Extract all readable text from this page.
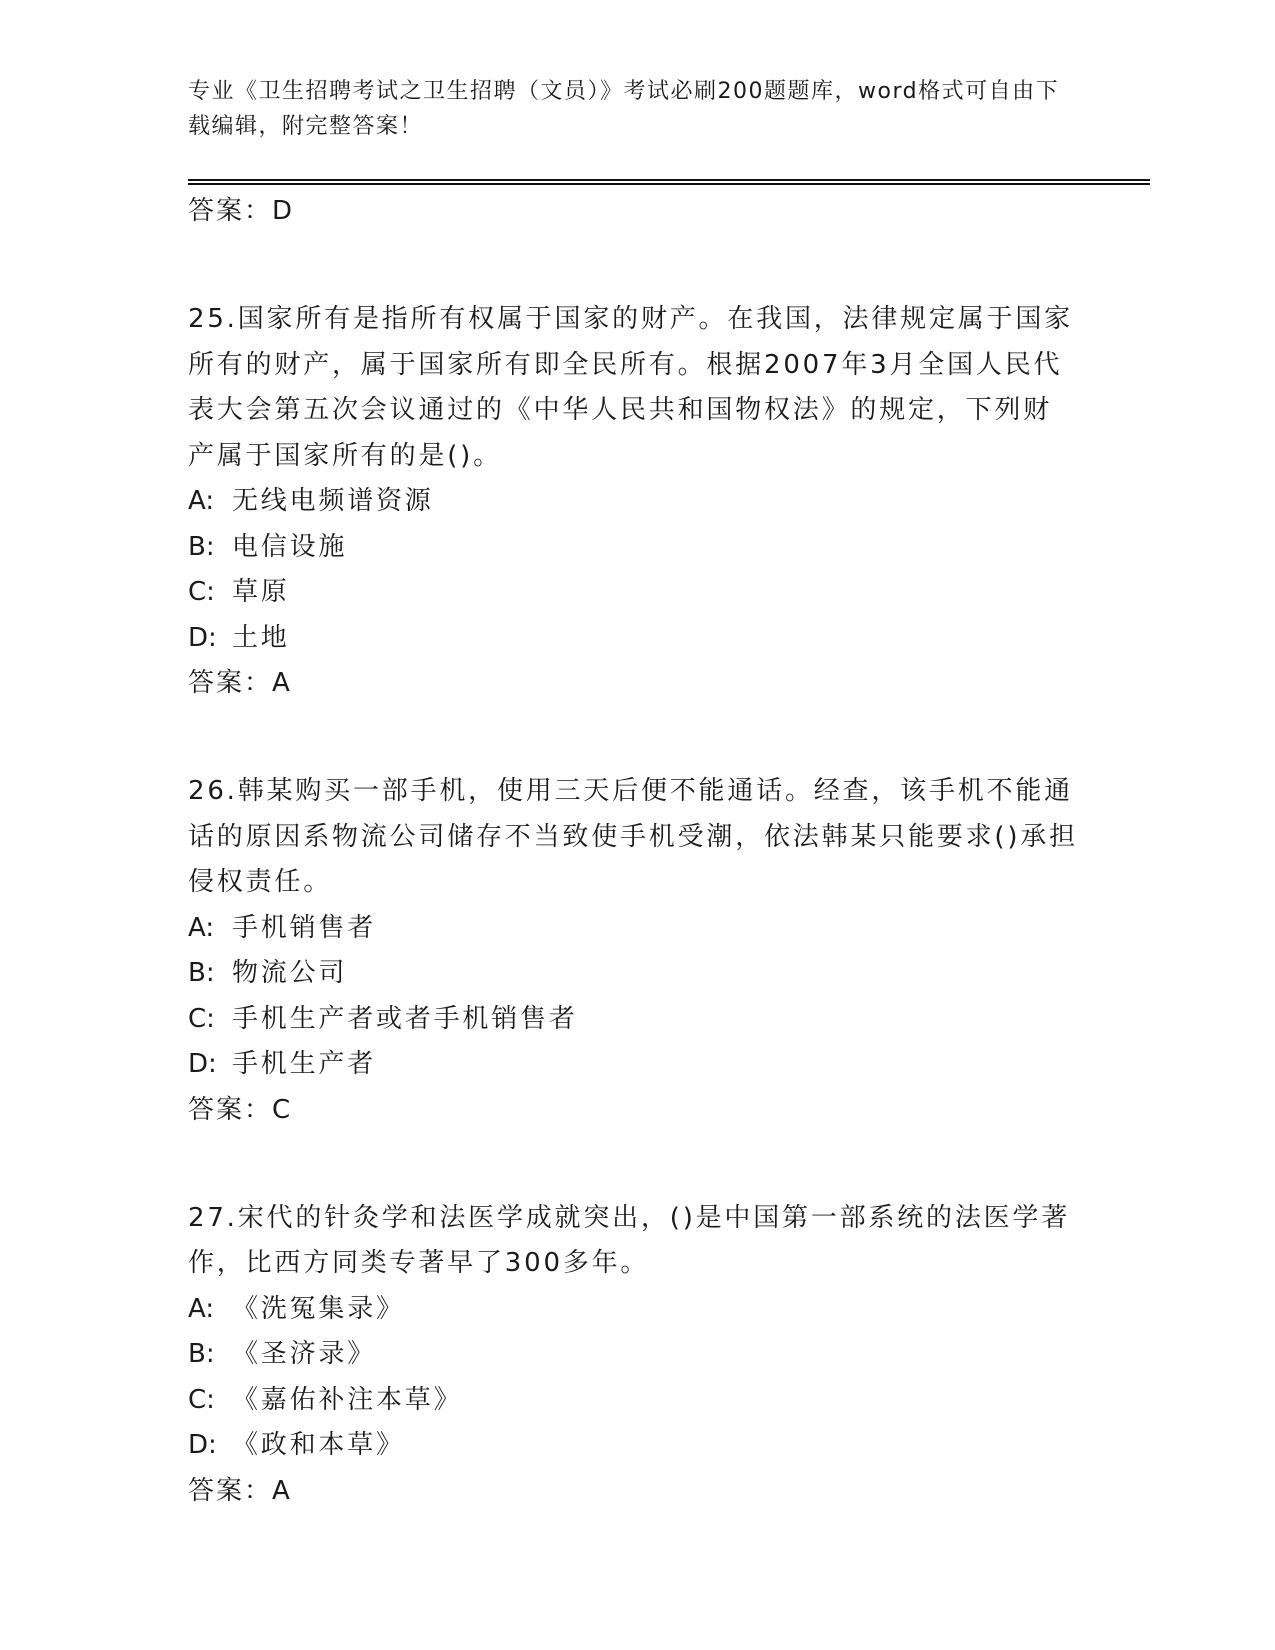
专业《卫生招聘考试之卫生招聘（文员）》考试必刷200题题库，word格式可自由下载编辑，附完整答案！
答案：D
25.国家所有是指所有权属于国家的财产。在我国，法律规定属于国家所有的财产，属于国家所有即全民所有。根据2007年3月全国人民代表大会第五次会议通过的《中华人民共和国物权法》的规定，下列财产属于国家所有的是()。
A: 无线电频谱资源
B: 电信设施
C: 草原
D: 土地
答案：A
26.韩某购买一部手机，使用三天后便不能通话。经查，该手机不能通话的原因系物流公司储存不当致使手机受潮，依法韩某只能要求()承担侵权责任。
A: 手机销售者
B: 物流公司
C: 手机生产者或者手机销售者
D: 手机生产者
答案：C
27.宋代的针灸学和法医学成就突出，()是中国第一部系统的法医学著作，比西方同类专著早了300多年。
A: 《洗冤集录》
B: 《圣济录》
C: 《嘉佑补注本草》
D: 《政和本草》
答案：A
